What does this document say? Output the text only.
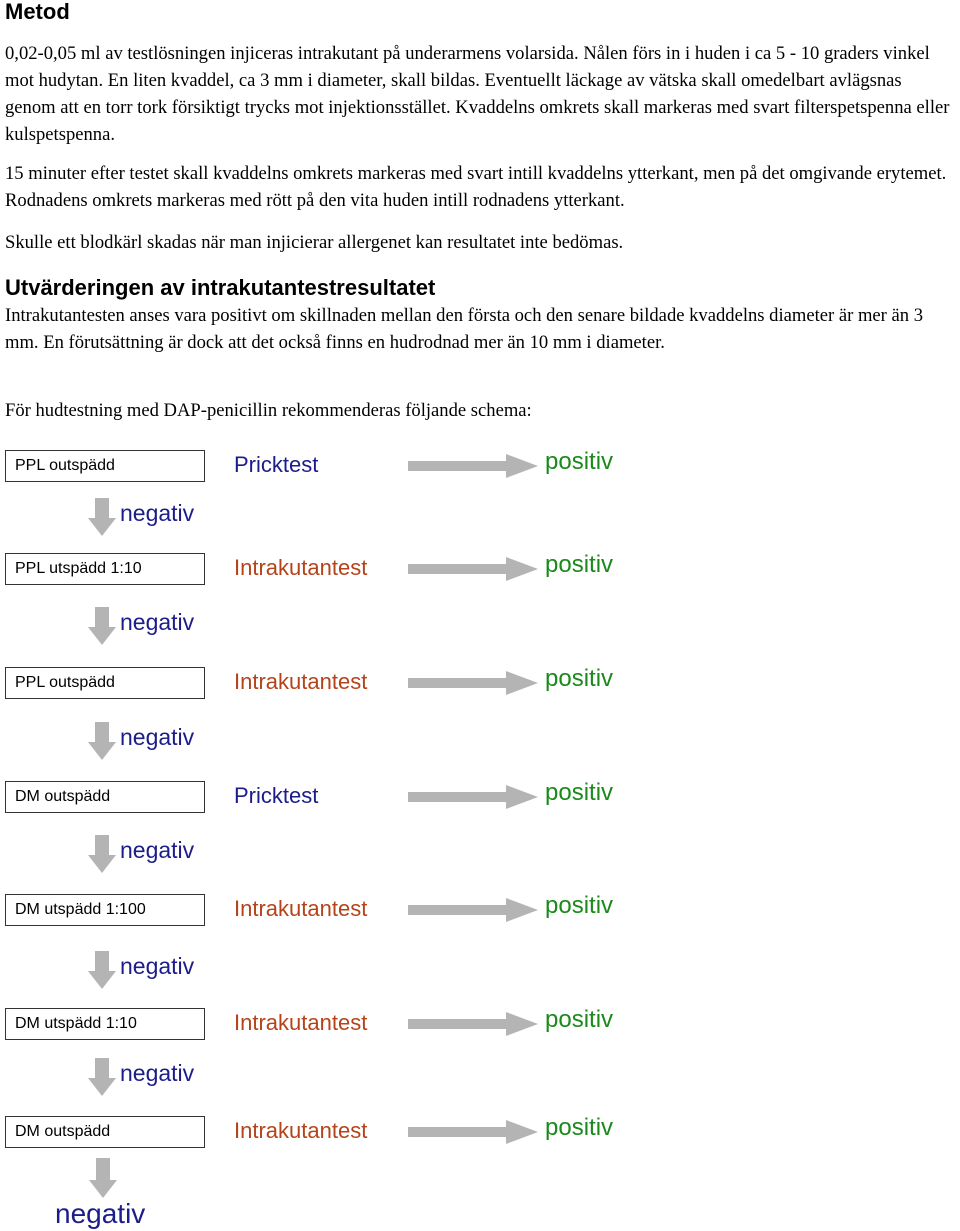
Metod

0,02-0,05 ml av testlösningen injiceras intrakutant på underarmens volarsida. Nålen förs in i huden i ca 5 - 10 graders vinkel mot hudytan. En liten kvaddel, ca 3 mm i diameter, skall bildas. Eventuellt läckage av vätska skall omedelbart avlägsnas genom att en torr tork försiktigt trycks mot injektionsstället. Kvaddelns omkrets skall markeras med svart filterspetspenna eller kulspetspenna.

15 minuter efter testet skall kvaddelns omkrets markeras med svart intill kvaddelns ytterkant, men på det omgivande erytemet. Rodnadens omkrets markeras med rött på den vita huden intill rodnadens ytterkant.

Skulle ett blodkärl skadas när man injicierar allergenet kan resultatet inte bedömas.

Utvärderingen av intrakutantestresultatet

Intrakutantesten anses vara positivt om skillnaden mellan den första och den senare bildade kvaddelns diameter är mer än 3 mm. En förutsättning är dock att det också finns en hudrodnad mer än 10 mm i diameter.

För hudtestning med DAP-penicillin rekommenderas följande schema:

PPL outspädd	Pricktest	positiv
PPL utspädd 1:10	Intrakutantest	positiv
PPL outspädd	Intrakutantest	positiv
DM outspädd	Pricktest	positiv
DM utspädd 1:100	Intrakutantest	positiv
DM utspädd 1:10	Intrakutantest	positiv
DM outspädd	Intrakutantest	positiv
negativ
negativ
negativ
negativ
negativ
negativ
negativ
